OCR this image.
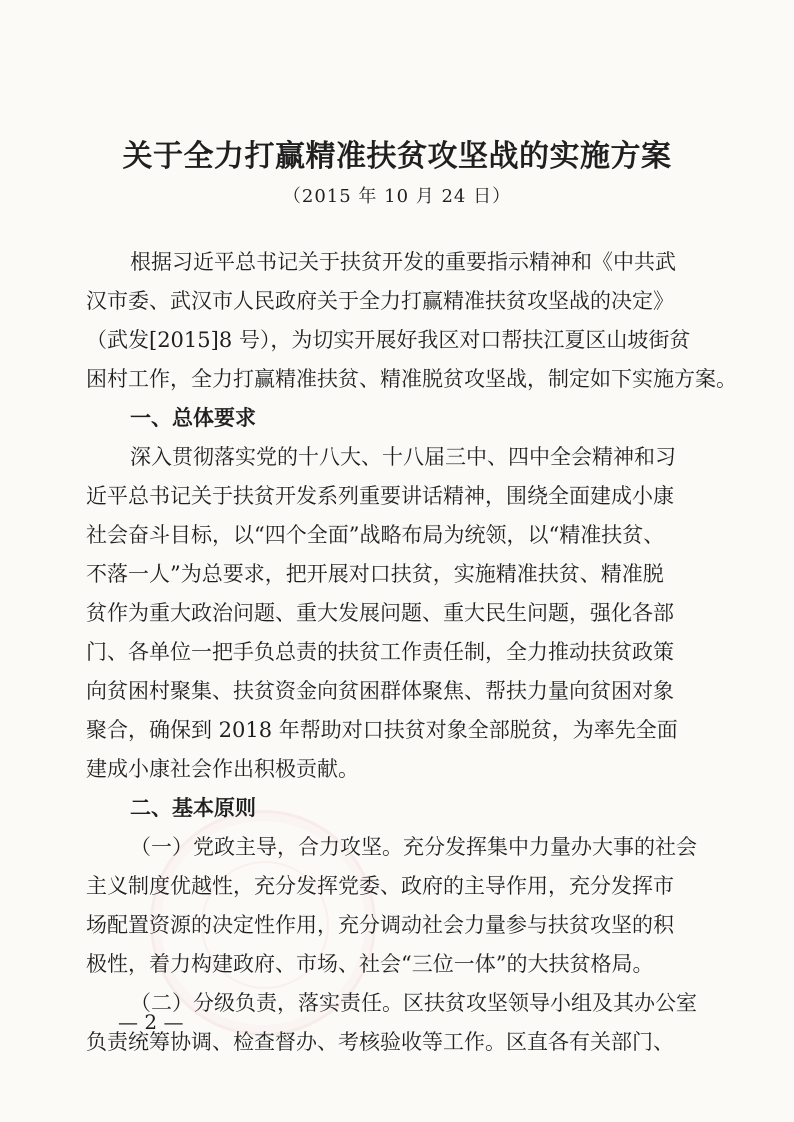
关于全力打赢精准扶贫攻坚战的实施方案

（2015 年 10 月 24 日）

根据习近平总书记关于扶贫开发的重要指示精神和《中共武

汉市委、武汉市人民政府关于全力打赢精准扶贫攻坚战的决定》

（武发[2015]8 号），为切实开展好我区对口帮扶江夏区山坡街贫

困村工作，全力打赢精准扶贫、精准脱贫攻坚战，制定如下实施方案。

一、总体要求

深入贯彻落实党的十八大、十八届三中、四中全会精神和习

近平总书记关于扶贫开发系列重要讲话精神，围绕全面建成小康

社会奋斗目标，以“四个全面”战略布局为统领，以“精准扶贫、

不落一人”为总要求，把开展对口扶贫，实施精准扶贫、精准脱

贫作为重大政治问题、重大发展问题、重大民生问题，强化各部

门、各单位一把手负总责的扶贫工作责任制，全力推动扶贫政策

向贫困村聚集、扶贫资金向贫困群体聚焦、帮扶力量向贫困对象

聚合，确保到 2018 年帮助对口扶贫对象全部脱贫，为率先全面

建成小康社会作出积极贡献。

二、基本原则

（一）党政主导，合力攻坚。充分发挥集中力量办大事的社会

主义制度优越性，充分发挥党委、政府的主导作用，充分发挥市

场配置资源的决定性作用，充分调动社会力量参与扶贫攻坚的积

极性，着力构建政府、市场、社会“三位一体”的大扶贫格局。

（二）分级负责，落实责任。区扶贫攻坚领导小组及其办公室

负责统筹协调、检查督办、考核验收等工作。区直各有关部门、

— 2 —
